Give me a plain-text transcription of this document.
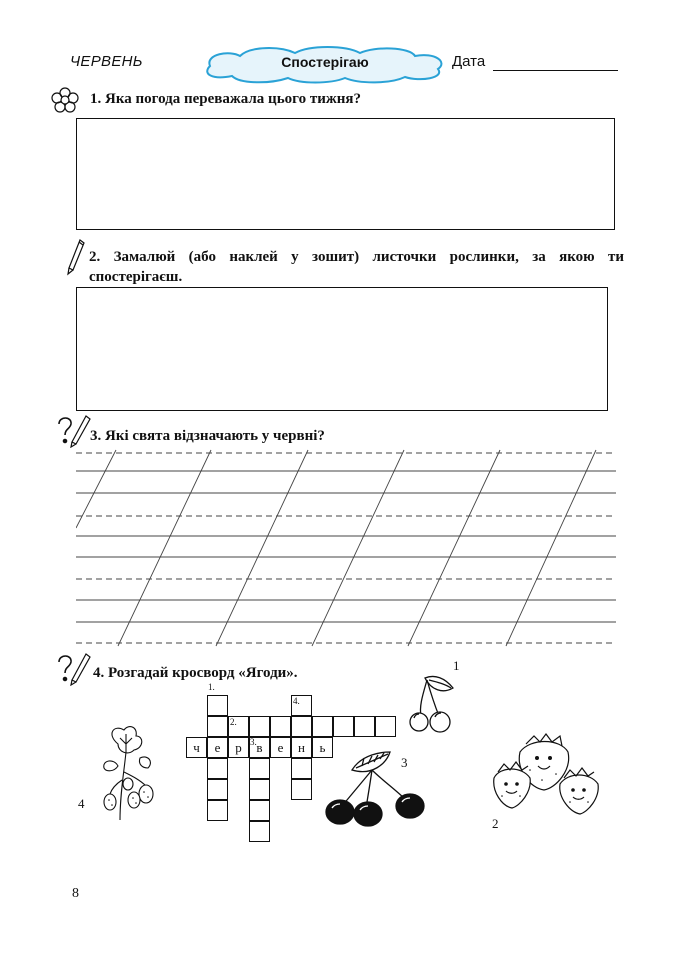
ЧЕРВЕНЬ	Спостерігаю	Дата
1. Яка погода переважала цього тижня?
2. Замалюй (або наклей у зошит) листочки рослинки, за якою ти спостерігаєш.
3. Які свята відзначають у червні?
4. Розгадай кросворд «Ягоди».
ч	е	р	в	е	н	ь
1.
2.
3.
4.
1
2
3
4
8
